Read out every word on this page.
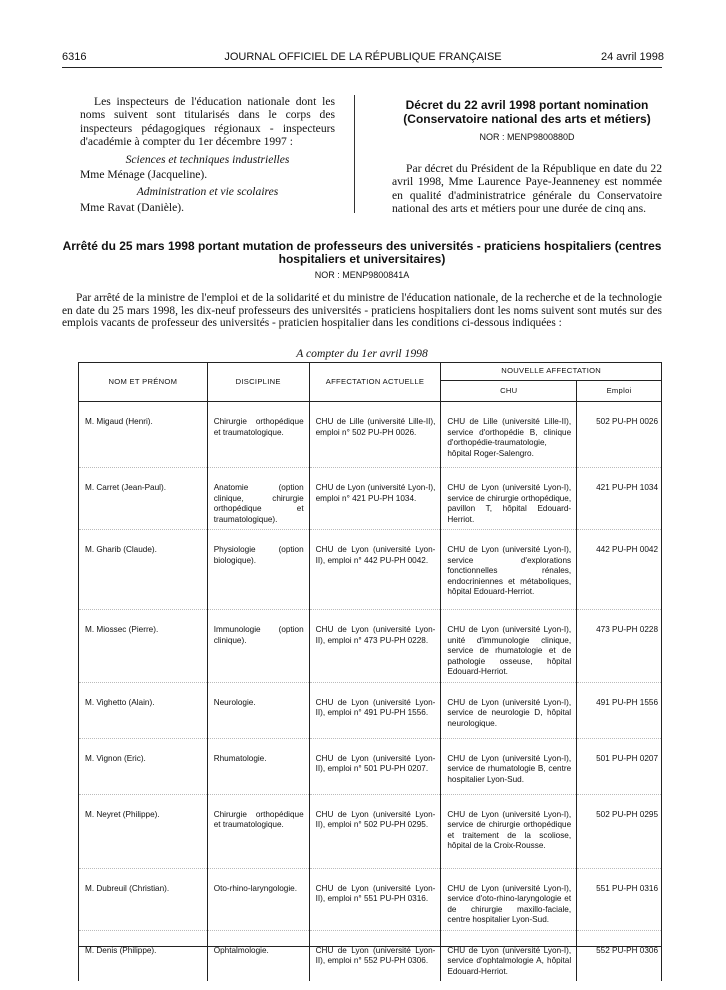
6316	JOURNAL OFFICIEL DE LA RÉPUBLIQUE FRANÇAISE	24 avril 1998

Les inspecteurs de l'éducation nationale dont les noms suivent sont titularisés dans le corps des inspecteurs pédagogiques régionaux - inspecteurs d'académie à compter du 1er décembre 1997 :

Sciences et techniques industrielles

Mme Ménage (Jacqueline).

Administration et vie scolaires

Mme Ravat (Danièle).

Décret du 22 avril 1998 portant nomination (Conservatoire national des arts et métiers)
NOR : MENP9800880D
Par décret du Président de la République en date du 22 avril 1998, Mme Laurence Paye-Jeanneney est nommée en qualité d'administratrice générale du Conservatoire national des arts et métiers pour une durée de cinq ans.
Arrêté du 25 mars 1998 portant mutation de professeurs des universités - praticiens hospitaliers (centres hospitaliers et universitaires)
NOR : MENP9800841A
Par arrêté de la ministre de l'emploi et de la solidarité et du ministre de l'éducation nationale, de la recherche et de la technologie en date du 25 mars 1998, les dix-neuf professeurs des universités - praticiens hospitaliers dont les noms suivent sont mutés sur des emplois vacants de professeur des universités - praticien hospitalier dans les conditions ci-dessous indiquées :
A compter du 1er avril 1998
NOM ET PRÉNOM	DISCIPLINE	AFFECTATION ACTUELLE	NOUVELLE AFFECTATION	
			CHU	Emploi
M. Migaud (Henri).	Chirurgie orthopédique et traumatologique.	CHU de Lille (université Lille-II), emploi n° 502 PU-PH 0026.	CHU de Lille (université Lille-II), service d'orthopédie B, clinique d'orthopédie-traumatologie, hôpital Roger-Salengro.	502 PU-PH 0026
M. Carret (Jean-Paul).	Anatomie (option clinique, chirurgie orthopédique et traumatologique).	CHU de Lyon (université Lyon-I), emploi n° 421 PU-PH 1034.	CHU de Lyon (université Lyon-I), service de chirurgie orthopédique, pavillon T, hôpital Edouard-Herriot.	421 PU-PH 1034
M. Gharib (Claude).	Physiologie (option biologique).	CHU de Lyon (université Lyon-II), emploi n° 442 PU-PH 0042.	CHU de Lyon (université Lyon-I), service d'explorations fonctionnelles rénales, endocriniennes et métaboliques, hôpital Edouard-Herriot.	442 PU-PH 0042
M. Miossec (Pierre).	Immunologie (option clinique).	CHU de Lyon (université Lyon-II), emploi n° 473 PU-PH 0228.	CHU de Lyon (université Lyon-I), unité d'immunologie clinique, service de rhumatologie et de pathologie osseuse, hôpital Edouard-Herriot.	473 PU-PH 0228
M. Vighetto (Alain).	Neurologie.	CHU de Lyon (université Lyon-II), emploi n° 491 PU-PH 1556.	CHU de Lyon (université Lyon-I), service de neurologie D, hôpital neurologique.	491 PU-PH 1556
M. Vignon (Eric).	Rhumatologie.	CHU de Lyon (université Lyon-II), emploi n° 501 PU-PH 0207.	CHU de Lyon (université Lyon-I), service de rhumatologie B, centre hospitalier Lyon-Sud.	501 PU-PH 0207
M. Neyret (Philippe).	Chirurgie orthopédique et traumatologique.	CHU de Lyon (université Lyon-II), emploi n° 502 PU-PH 0295.	CHU de Lyon (université Lyon-I), service de chirurgie orthopédique et traitement de la scoliose, hôpital de la Croix-Rousse.	502 PU-PH 0295
M. Dubreuil (Christian).	Oto-rhino-laryngologie.	CHU de Lyon (université Lyon-II), emploi n° 551 PU-PH 0316.	CHU de Lyon (université Lyon-I), service d'oto-rhino-laryngologie et de chirurgie maxillo-faciale, centre hospitalier Lyon-Sud.	551 PU-PH 0316
M. Denis (Philippe).	Ophtalmologie.	CHU de Lyon (université Lyon-II), emploi n° 552 PU-PH 0306.	CHU de Lyon (université Lyon-I), service d'ophtalmologie A, hôpital Edouard-Herriot.	552 PU-PH 0306
